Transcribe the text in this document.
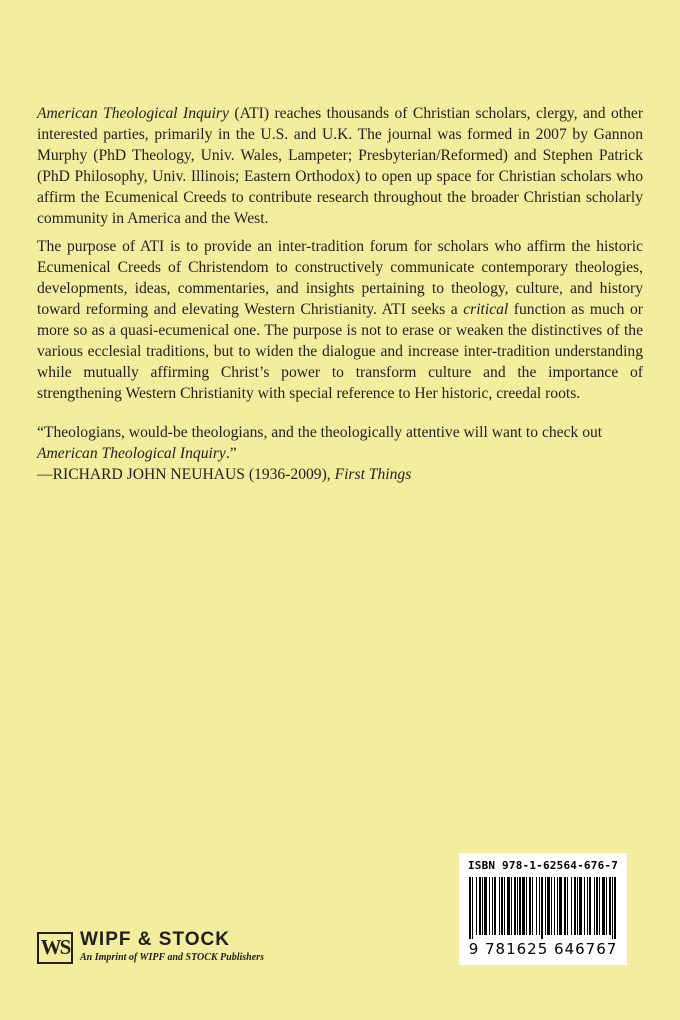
American Theological Inquiry (ATI) reaches thousands of Christian scholars, clergy, and other interested parties, primarily in the U.S. and U.K. The journal was formed in 2007 by Gannon Murphy (PhD Theology, Univ. Wales, Lampeter; Presbyterian/Reformed) and Stephen Patrick (PhD Philosophy, Univ. Illinois; Eastern Orthodox) to open up space for Christian scholars who affirm the Ecumenical Creeds to contribute research throughout the broader Christian scholarly community in America and the West.

The purpose of ATI is to provide an inter-tradition forum for scholars who affirm the historic Ecumenical Creeds of Christendom to constructively communicate contemporary theologies, developments, ideas, commentaries, and insights pertaining to theology, culture, and history toward reforming and elevating Western Christianity. ATI seeks a critical function as much or more so as a quasi-ecumenical one. The purpose is not to erase or weaken the distinctives of the various ecclesial traditions, but to widen the dialogue and increase inter-tradition understanding while mutually affirming Christ’s power to transform culture and the importance of strengthening Western Christianity with special reference to Her historic, creedal roots.

“Theologians, would-be theologians, and the theologically attentive will want to check out
American Theological Inquiry.”
—RICHARD JOHN NEUHAUS (1936-2009), First Things
ISBN 978-1-62564-676-7
9 781625 646767
WS WIPF & STOCK
An Imprint of WIPF and STOCK Publishers
